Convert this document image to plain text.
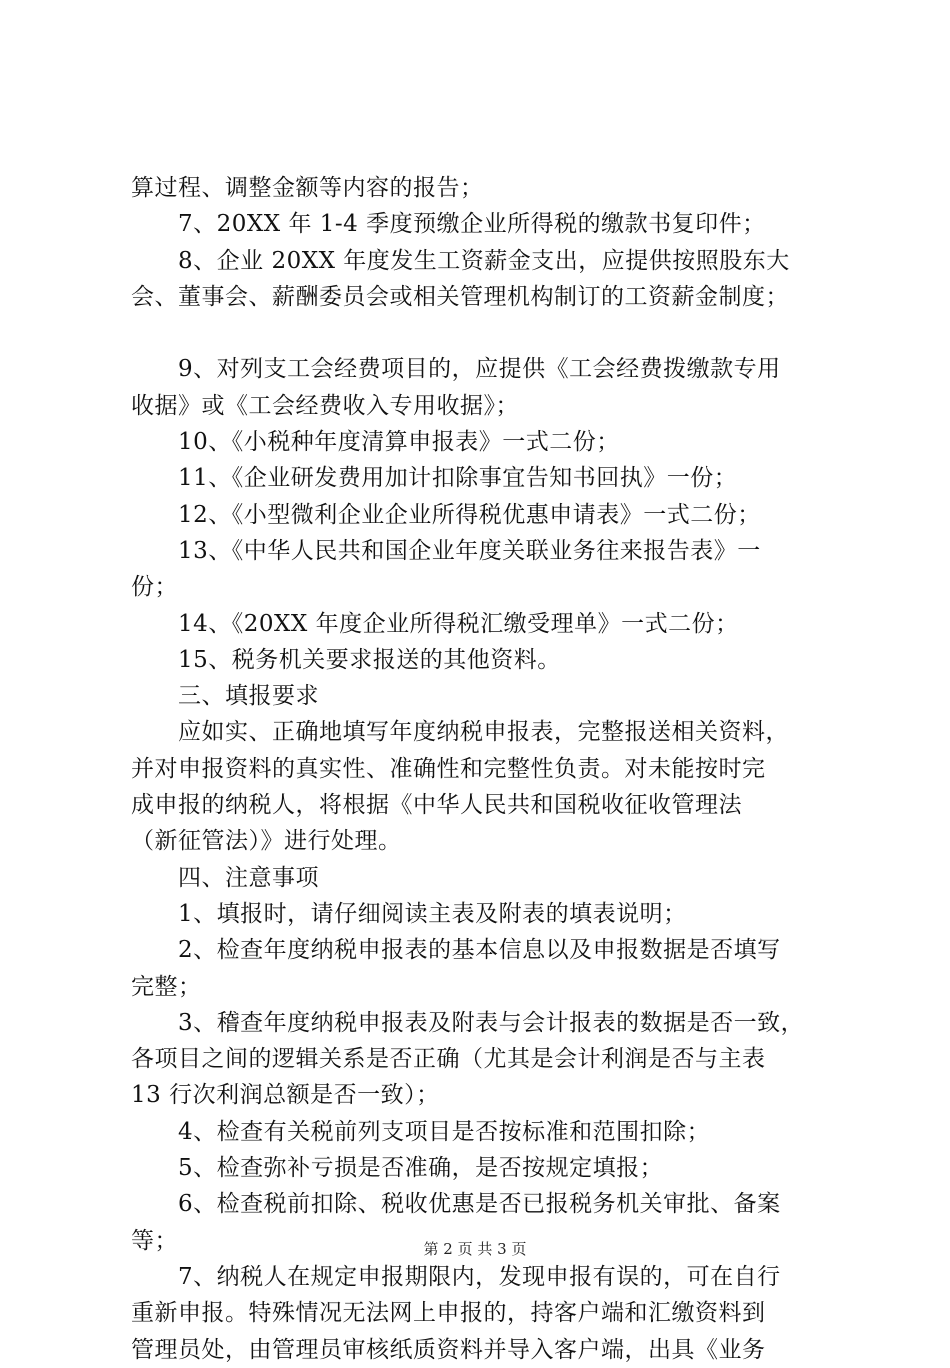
算过程、调整金额等内容的报告；
7、20XX 年 1-4 季度预缴企业所得税的缴款书复印件；
8、企业 20XX 年度发生工资薪金支出，应提供按照股东大
会、董事会、薪酬委员会或相关管理机构制订的工资薪金制度；
9、对列支工会经费项目的，应提供《工会经费拨缴款专用
收据》或《工会经费收入专用收据》；
10、《小税种年度清算申报表》一式二份；
11、《企业研发费用加计扣除事宜告知书回执》一份；
12、《小型微利企业企业所得税优惠申请表》一式二份；
13、《中华人民共和国企业年度关联业务往来报告表》一
份；
14、《20XX 年度企业所得税汇缴受理单》一式二份；
15、税务机关要求报送的其他资料。
三、填报要求
应如实、正确地填写年度纳税申报表，完整报送相关资料，
并对申报资料的真实性、准确性和完整性负责。对未能按时完
成申报的纳税人，将根据《中华人民共和国税收征收管理法
（新征管法）》进行处理。
四、注意事项
1、填报时，请仔细阅读主表及附表的填表说明；
2、检查年度纳税申报表的基本信息以及申报数据是否填写
完整；
3、稽查年度纳税申报表及附表与会计报表的数据是否一致，
各项目之间的逻辑关系是否正确（尤其是会计利润是否与主表
13 行次利润总额是否一致）；
4、检查有关税前列支项目是否按标准和范围扣除；
5、检查弥补亏损是否准确，是否按规定填报；
6、检查税前扣除、税收优惠是否已报税务机关审批、备案
等；
7、纳税人在规定申报期限内，发现申报有误的，可在自行
重新申报。特殊情况无法网上申报的，持客户端和汇缴资料到
管理员处，由管理员审核纸质资料并导入客户端，出具《业务
第 2 页 共 3 页
